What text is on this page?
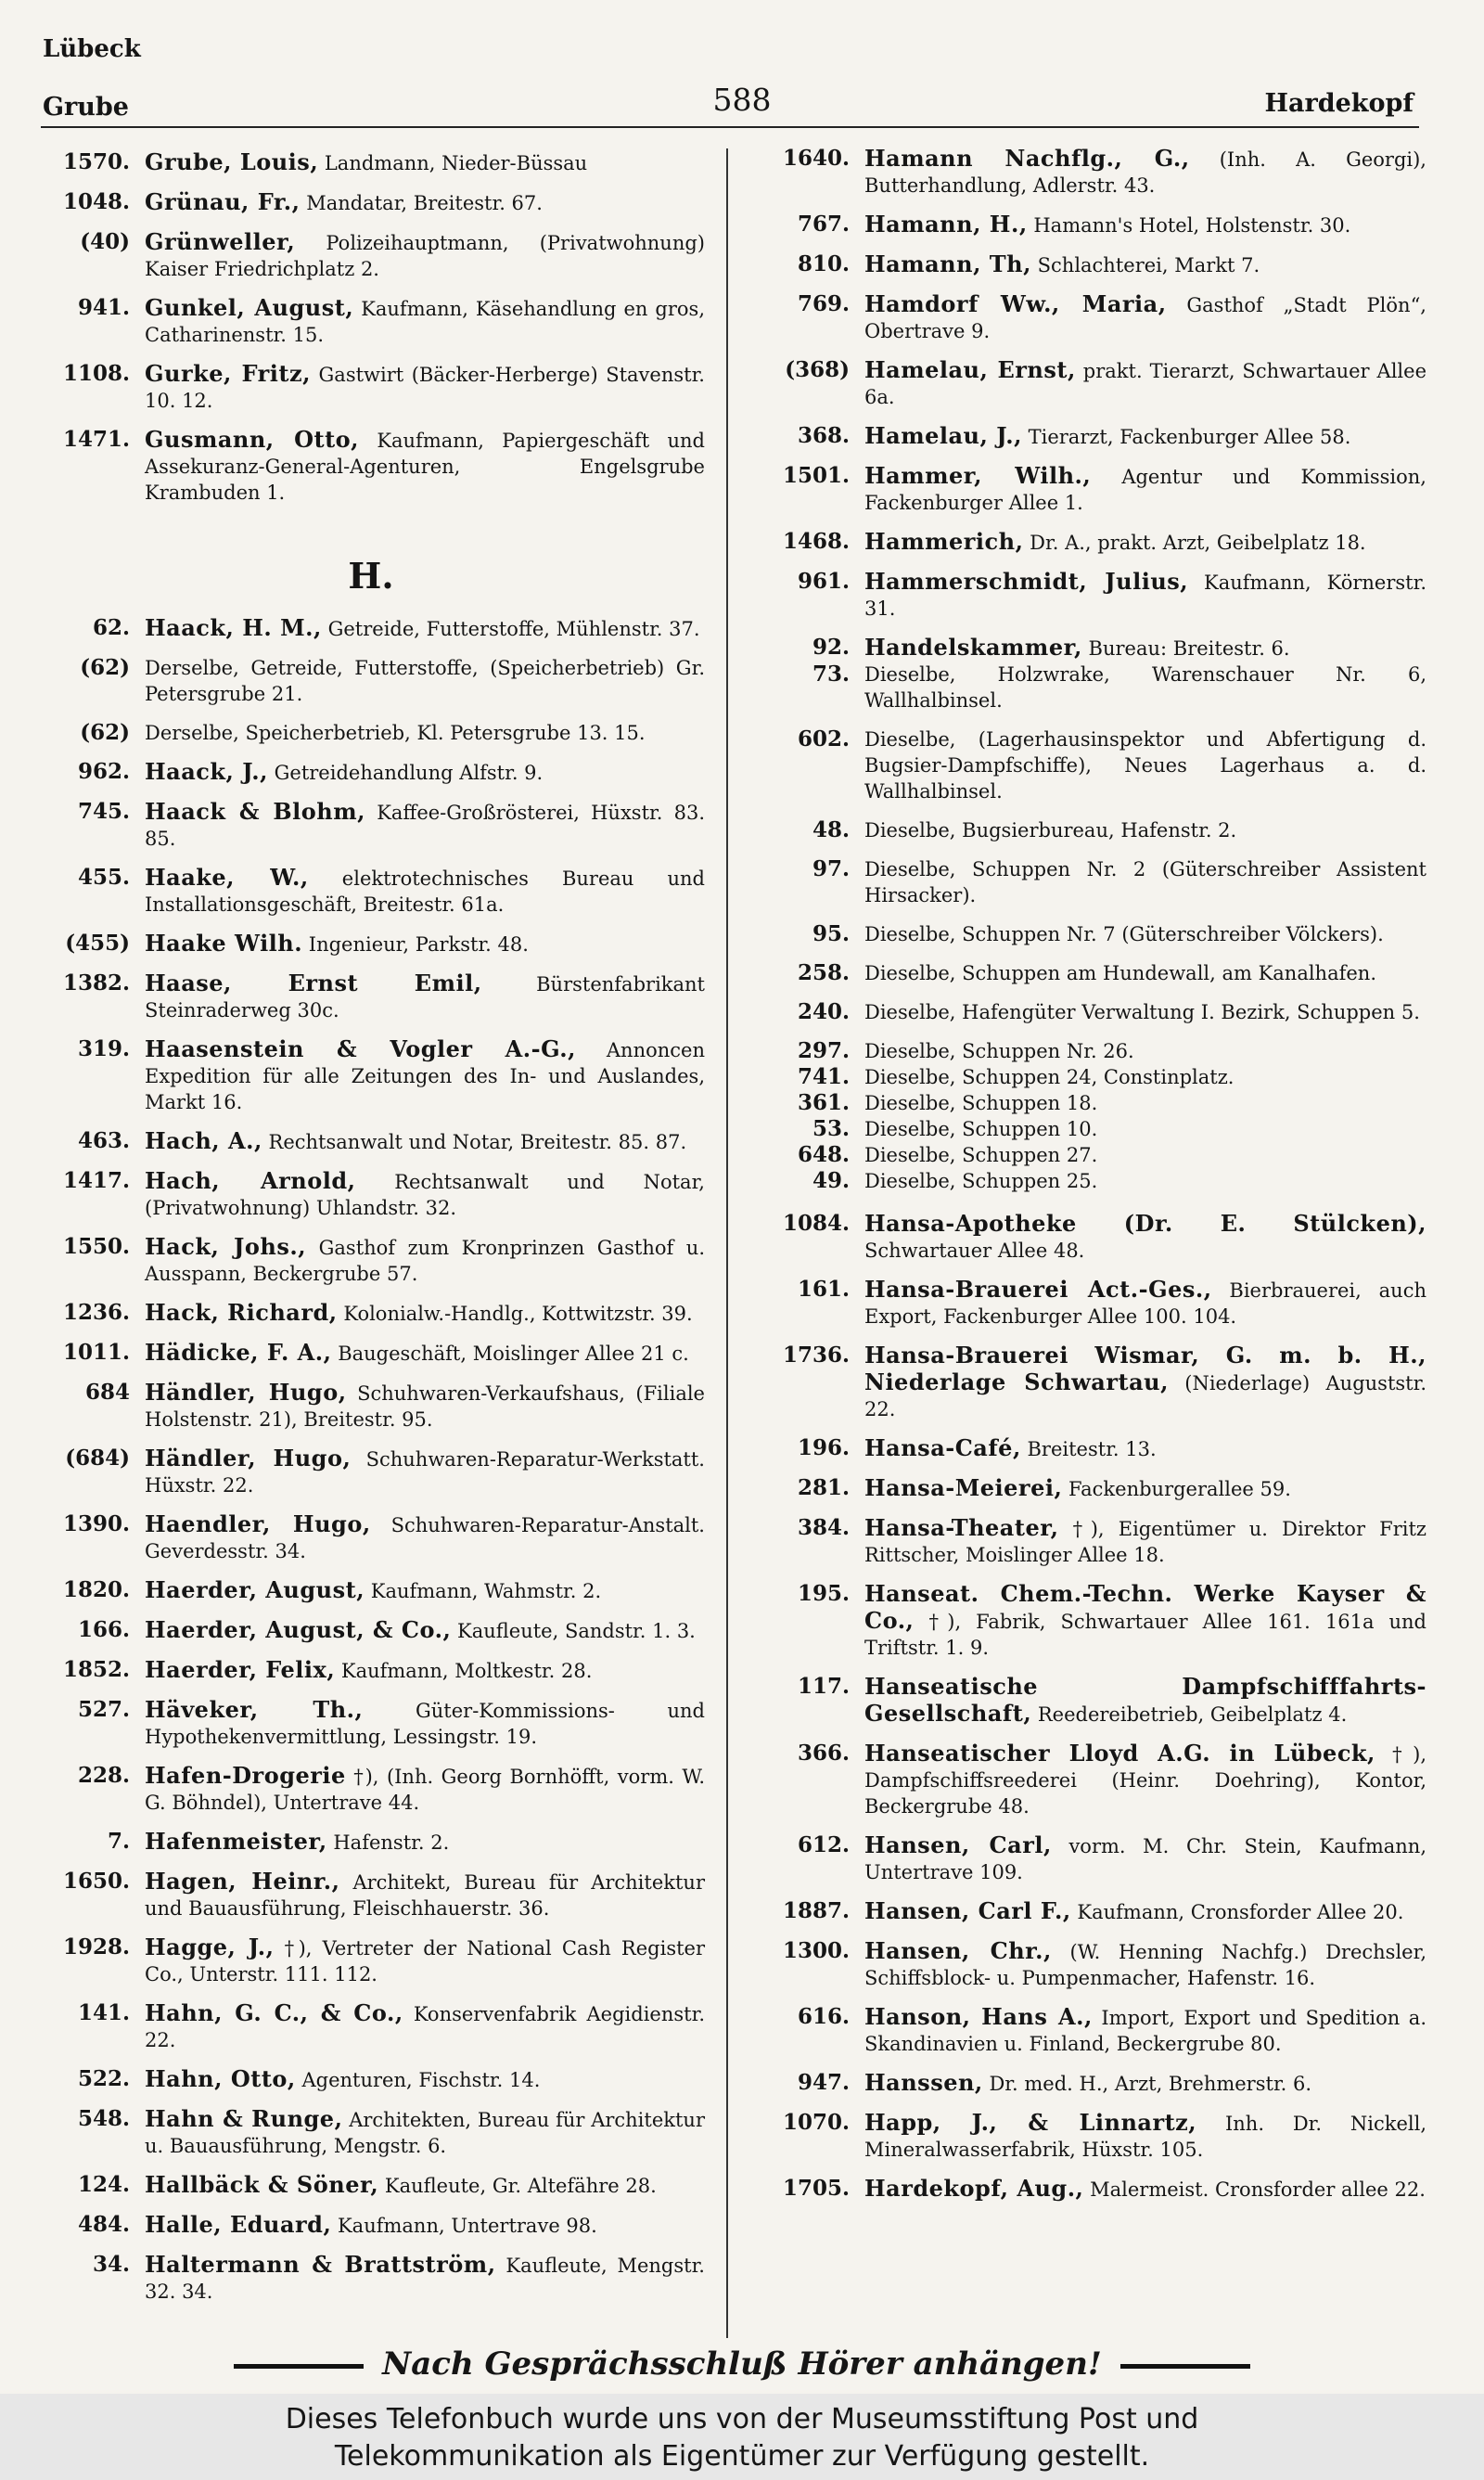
Lübeck
Grube	588	Hardekopf
1570. Grube, Louis, Landmann, Nieder-Büssau
1048. Grünau, Fr., Mandatar, Breitestr. 67.
(40) Grünweller, Polizeihauptmann, (Privatwohnung) Kaiser Friedrichplatz 2.
941. Gunkel, August, Kaufmann, Käsehandlung en gros, Catharinenstr. 15.
1108. Gurke, Fritz, Gastwirt (Bäcker-Herberge) Stavenstr. 10. 12.
1471. Gusmann, Otto, Kaufmann, Papiergeschäft und Assekuranz-General-Agenturen, Engelsgrube Krambuden 1.
H.
62. Haack, H. M., Getreide, Futterstoffe, Mühlenstr. 37.
(62) Derselbe, Getreide, Futterstoffe, (Speicherbetrieb) Gr. Petersgrube 21.
(62) Derselbe, Speicherbetrieb, Kl. Petersgrube 13. 15.
962. Haack, J., Getreidehandlung Alfstr. 9.
745. Haack & Blohm, Kaffee-Großrösterei, Hüxstr. 83. 85.
455. Haake, W., elektrotechnisches Bureau und Installationsgeschäft, Breitestr. 61a.
(455) Haake Wilh. Ingenieur, Parkstr. 48.
1382. Haase, Ernst Emil,	Bürstenfabrikant Steinraderweg 30c.
319. Haasenstein & Vogler A.-G., Annoncen Expedition für alle Zeitungen des In- und Auslandes, Markt 16.
463. Hach, A., Rechtsanwalt und Notar, Breitestr. 85. 87.
1417. Hach, Arnold, Rechtsanwalt und Notar, (Privatwohnung) Uhlandstr. 32.
1550. Hack, Johs., Gasthof zum Kronprinzen Gasthof u. Ausspann, Beckergrube 57.
1236. Hack, Richard, Kolonialw.-Handlg., Kottwitzstr. 39.
1011. Hädicke, F. A., Baugeschäft, Moislinger Allee 21 c.
684 Händler, Hugo, Schuhwaren-Verkaufshaus, (Filiale Holstenstr. 21), Breitestr. 95.
(684) Händler, Hugo, Schuhwaren-Reparatur-Werkstatt. Hüxstr. 22.
1390. Haendler, Hugo, Schuhwaren-Reparatur-Anstalt. Geverdesstr. 34.
1820. Haerder, August, Kaufmann, Wahmstr. 2.
166. Haerder, August, & Co., Kaufleute, Sandstr. 1. 3.
1852. Haerder, Felix, Kaufmann, Moltkestr. 28.
527. Häveker, Th.,	Güter-Kommissions- und Hypothekenvermittlung, Lessingstr. 19.
228. Hafen-Drogerie †), (Inh. Georg Bornhöfft, vorm. W. G. Böhndel), Untertrave 44.
7. Hafenmeister, Hafenstr. 2.
1650. Hagen, Heinr., Architekt, Bureau für Architektur und Bauausführung, Fleischhauerstr. 36.
1928. Hagge, J., †), Vertreter der National Cash Register Co., Unterstr. 111. 112.
141. Hahn, G. C., & Co., Konservenfabrik Aegidienstr. 22.
522. Hahn, Otto, Agenturen, Fischstr. 14.
548. Hahn & Runge, Architekten, Bureau für Architektur u. Bauausführung, Mengstr. 6.
124. Hallbäck & Söner, Kaufleute, Gr. Altefähre 28.
484. Halle, Eduard, Kaufmann, Untertrave 98.
34. Haltermann & Brattström, Kaufleute, Mengstr. 32. 34.
1640. Hamann Nachflg., G., (Inh. A. Georgi), Butterhandlung, Adlerstr. 43.
767. Hamann, H., Hamann's Hotel, Holstenstr. 30.
810. Hamann, Th, Schlachterei, Markt 7.
769. Hamdorf Ww., Maria, Gasthof „Stadt Plön“, Obertrave 9.
(368) Hamelau, Ernst, prakt. Tierarzt, Schwartauer Allee 6a.
368. Hamelau, J., Tierarzt, Fackenburger Allee 58.
1501. Hammer, Wilh., Agentur und Kommission, Fackenburger Allee 1.
1468. Hammerich, Dr. A., prakt. Arzt, Geibelplatz 18.
961. Hammerschmidt, Julius, Kaufmann, Körnerstr. 31.
92. Handelskammer, Bureau: Breitestr. 6.
73. Dieselbe, Holzwrake, Warenschauer Nr. 6, Wallhalbinsel.
602. Dieselbe, (Lagerhausinspektor und Abfertigung d. Bugsier-Dampfschiffe), Neues Lagerhaus a. d. Wallhalbinsel.
48. Dieselbe, Bugsierbureau, Hafenstr. 2.
97. Dieselbe, Schuppen Nr. 2 (Güterschreiber Assistent Hirsacker).
95. Dieselbe, Schuppen Nr. 7 (Güterschreiber Völckers).
258. Dieselbe, Schuppen am Hundewall, am Kanalhafen.
240. Dieselbe, Hafengüter Verwaltung I. Bezirk, Schuppen 5.
297. Dieselbe, Schuppen Nr. 26.
741. Dieselbe, Schuppen 24, Constinplatz.
361. Dieselbe, Schuppen 18.
53. Dieselbe, Schuppen 10.
648. Dieselbe, Schuppen 27.
49. Dieselbe, Schuppen 25.
1084. Hansa-Apotheke (Dr. E. Stülcken), Schwartauer Allee 48.
161. Hansa-Brauerei Act.-Ges., Bierbrauerei, auch Export, Fackenburger Allee 100. 104.
1736. Hansa-Brauerei Wismar, G. m. b. H., Niederlage Schwartau, (Niederlage) Auguststr. 22.
196. Hansa-Café, Breitestr. 13.
281. Hansa-Meierei, Fackenburgerallee 59.
384. Hansa-Theater, †), Eigentümer u. Direktor Fritz Rittscher, Moislinger Allee 18.
195. Hanseat. Chem.-Techn. Werke Kayser & Co., †), Fabrik, Schwartauer Allee 161. 161a und Triftstr. 1. 9.
117. Hanseatische Dampfschifffahrts-Gesellschaft, Reedereibetrieb, Geibelplatz 4.
366. Hanseatischer Lloyd A.G. in Lübeck, †), Dampfschiffsreederei (Heinr. Doehring), Kontor, Beckergrube 48.
612. Hansen, Carl, vorm. M. Chr. Stein, Kaufmann, Untertrave 109.
1887. Hansen, Carl F., Kaufmann, Cronsforder Allee 20.
1300. Hansen, Chr., (W. Henning Nachfg.) Drechsler, Schiffsblock- u. Pumpenmacher, Hafenstr. 16.
616. Hanson, Hans A., Import, Export und Spedition a. Skandinavien u. Finland, Beckergrube 80.
947. Hanssen, Dr. med. H., Arzt, Brehmerstr. 6.
1070. Happ, J., & Linnartz, Inh. Dr. Nickell, Mineralwasserfabrik, Hüxstr. 105.
1705. Hardekopf, Aug., Malermeist. Cronsforder allee 22.
Nach Gesprächsschluß Hörer anhängen!
Dieses Telefonbuch wurde uns von der Museumsstiftung Post und
Telekommunikation als Eigentümer zur Verfügung gestellt.
